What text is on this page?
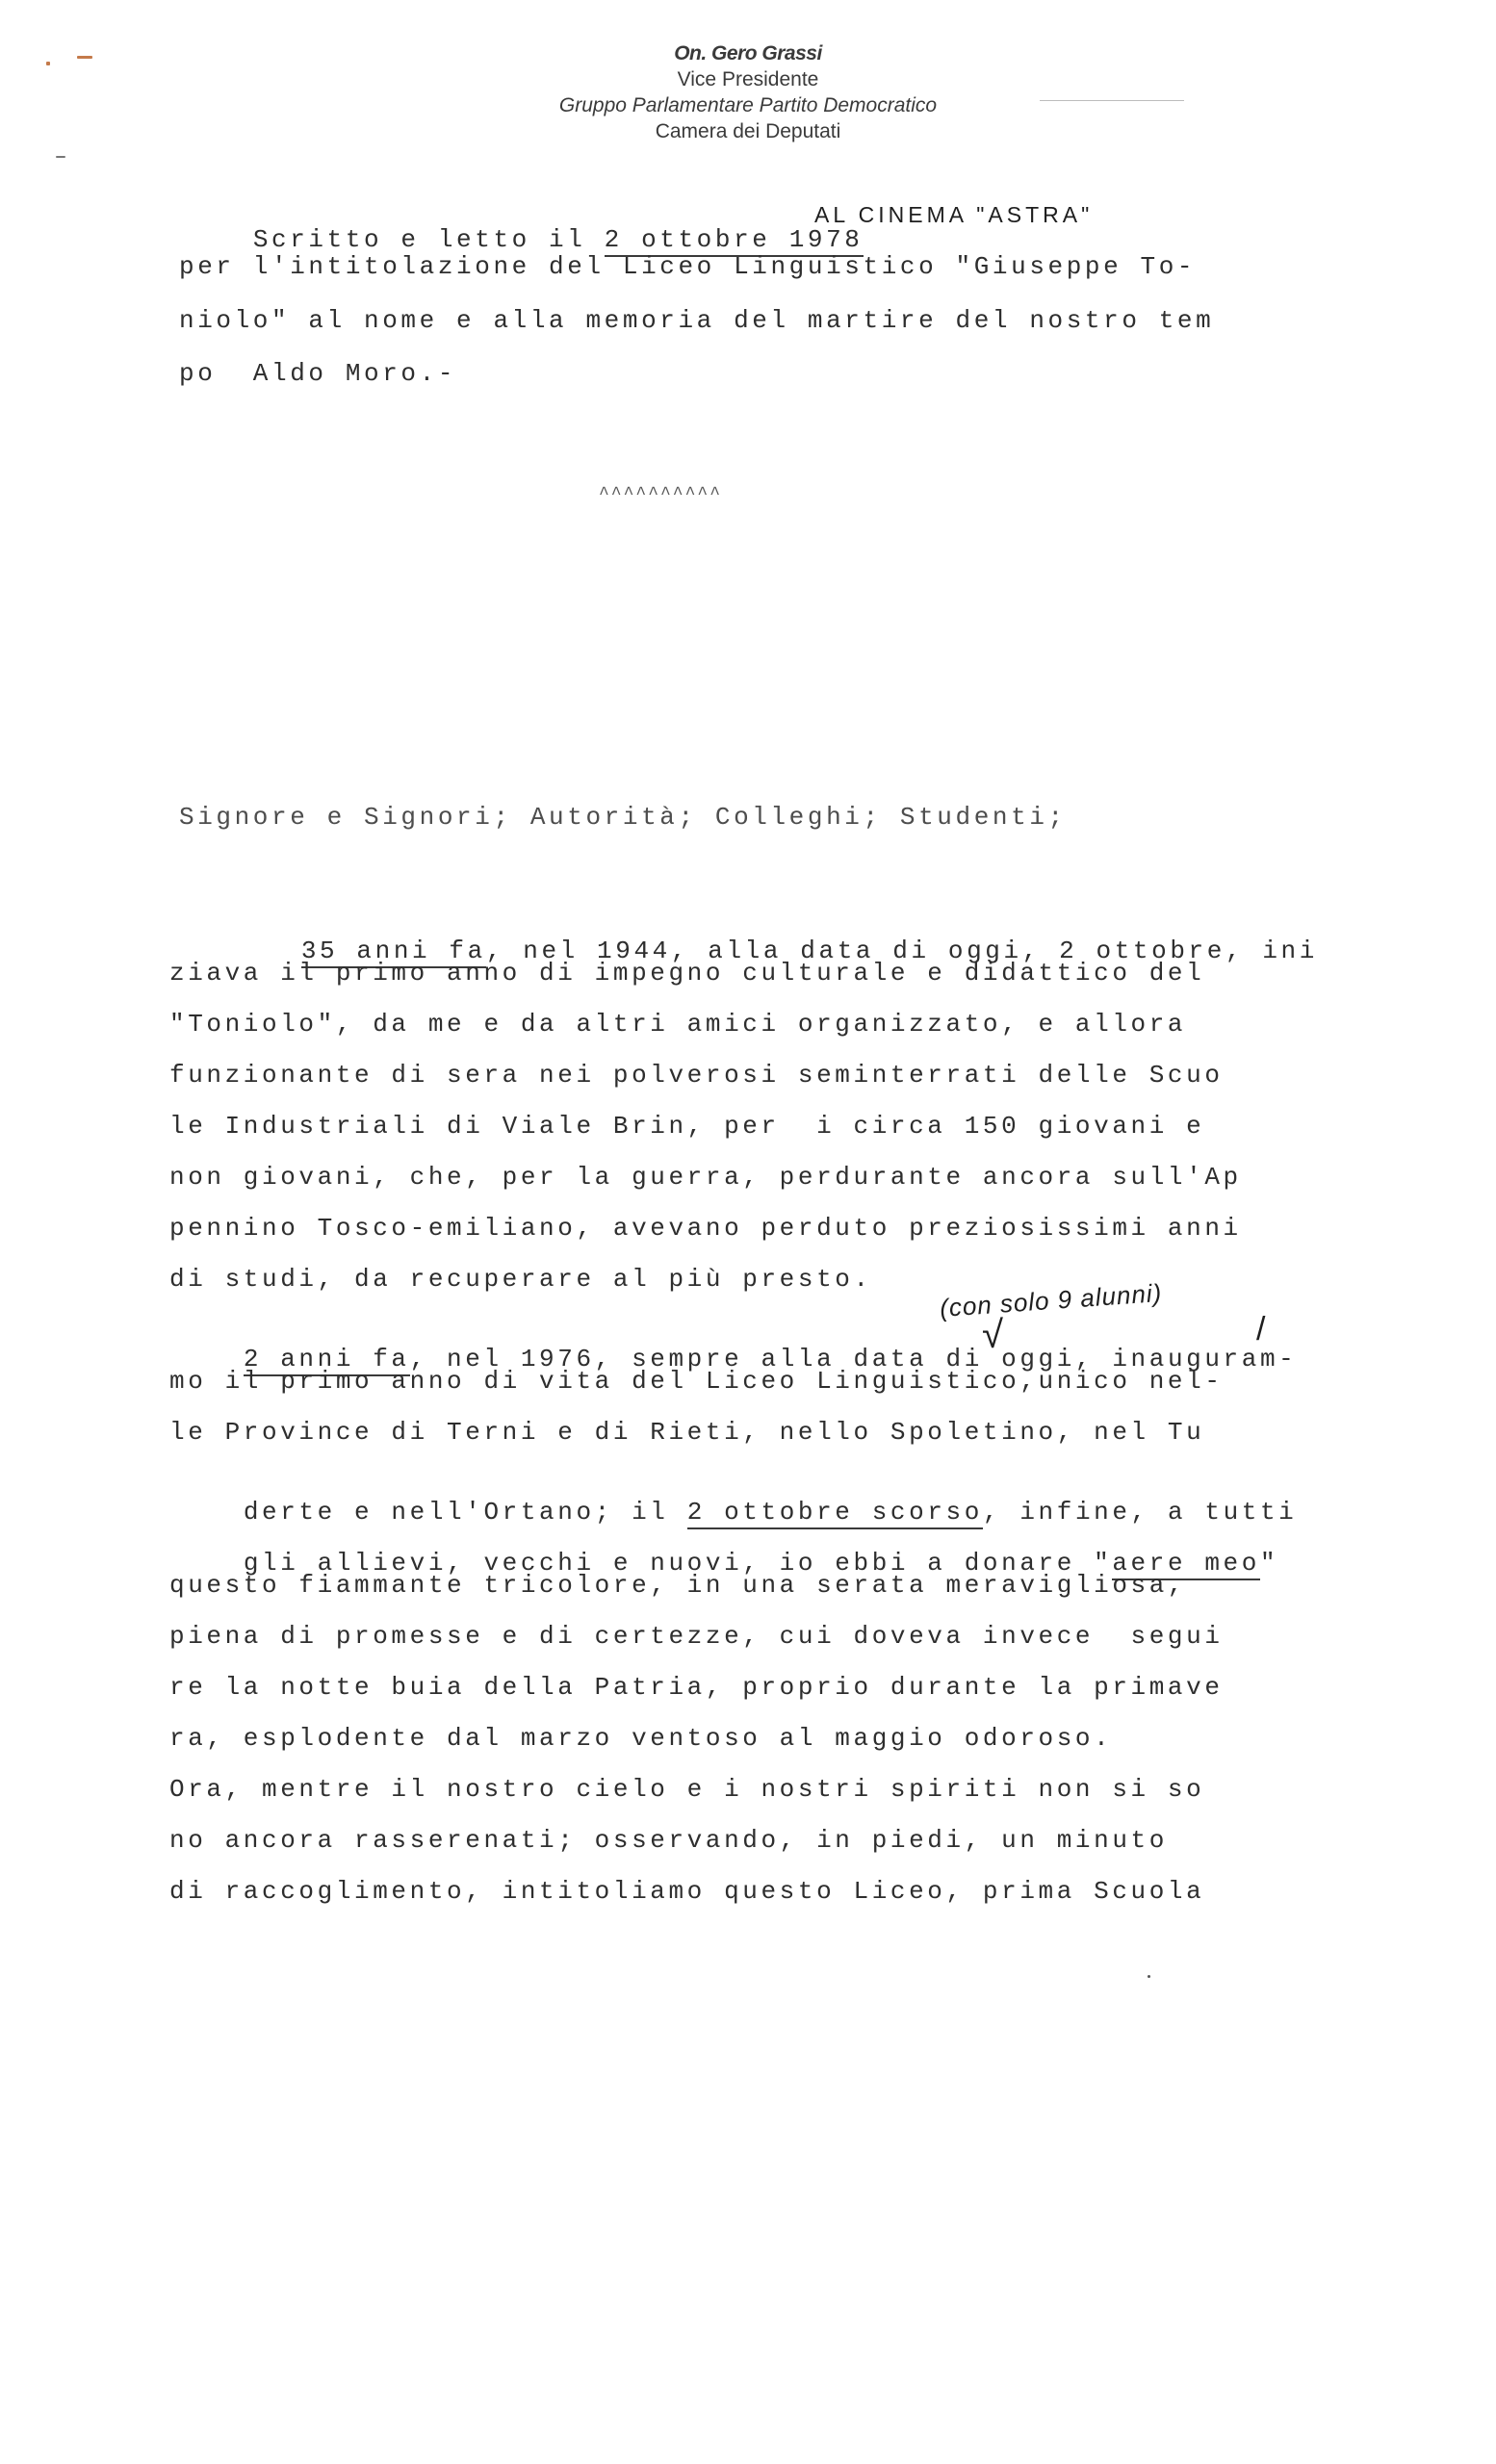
On. Gero Grassi
Vice Presidente
Gruppo Parlamentare Partito Democratico
Camera dei Deputati

Scritto e letto il 2 ottobre 1978

AL CINEMA "ASTRA"
per l'intitolazione del Liceo Linguistico "Giuseppe To-
niolo" al nome e alla memoria del martire del nostro tem
po  Aldo Moro.-
^^^^^^^^^^
Signore e Signori; Autorità; Colleghi; Studenti;

35 anni fa, nel 1944, alla data di oggi, 2 ottobre, ini

ziava il primo anno di impegno culturale e didattico del
"Toniolo", da me e da altri amici organizzato, e allora
funzionante di sera nei polverosi seminterrati delle Scuo
le Industriali di Viale Brin, per  i circa 150 giovani e
non giovani, che, per la guerra, perdurante ancora sull'Ap
pennino Tosco-emiliano, avevano perduto preziosissimi anni
di studi, da recuperare al più presto.	(con solo 9 alunni)
√	/

2 anni fa, nel 1976, sempre alla data di oggi, inauguram-

mo il primo anno di vita del Liceo Linguistico,unico nel-
le Province di Terni e di Rieti, nello Spoletino, nel Tu

derte e nell'Ortano; il 2 ottobre scorso, infine, a tutti

gli allievi, vecchi e nuovi, io ebbi a donare "aere meo"

questo fiammante tricolore, in una serata meravigliosa,
piena di promesse e di certezze, cui doveva invece  segui
re la notte buia della Patria, proprio durante la primave
ra, esplodente dal marzo ventoso al maggio odoroso.
Ora, mentre il nostro cielo e i nostri spiriti non si so
no ancora rasserenati; osservando, in piedi, un minuto
di raccoglimento, intitoliamo questo Liceo, prima Scuola
